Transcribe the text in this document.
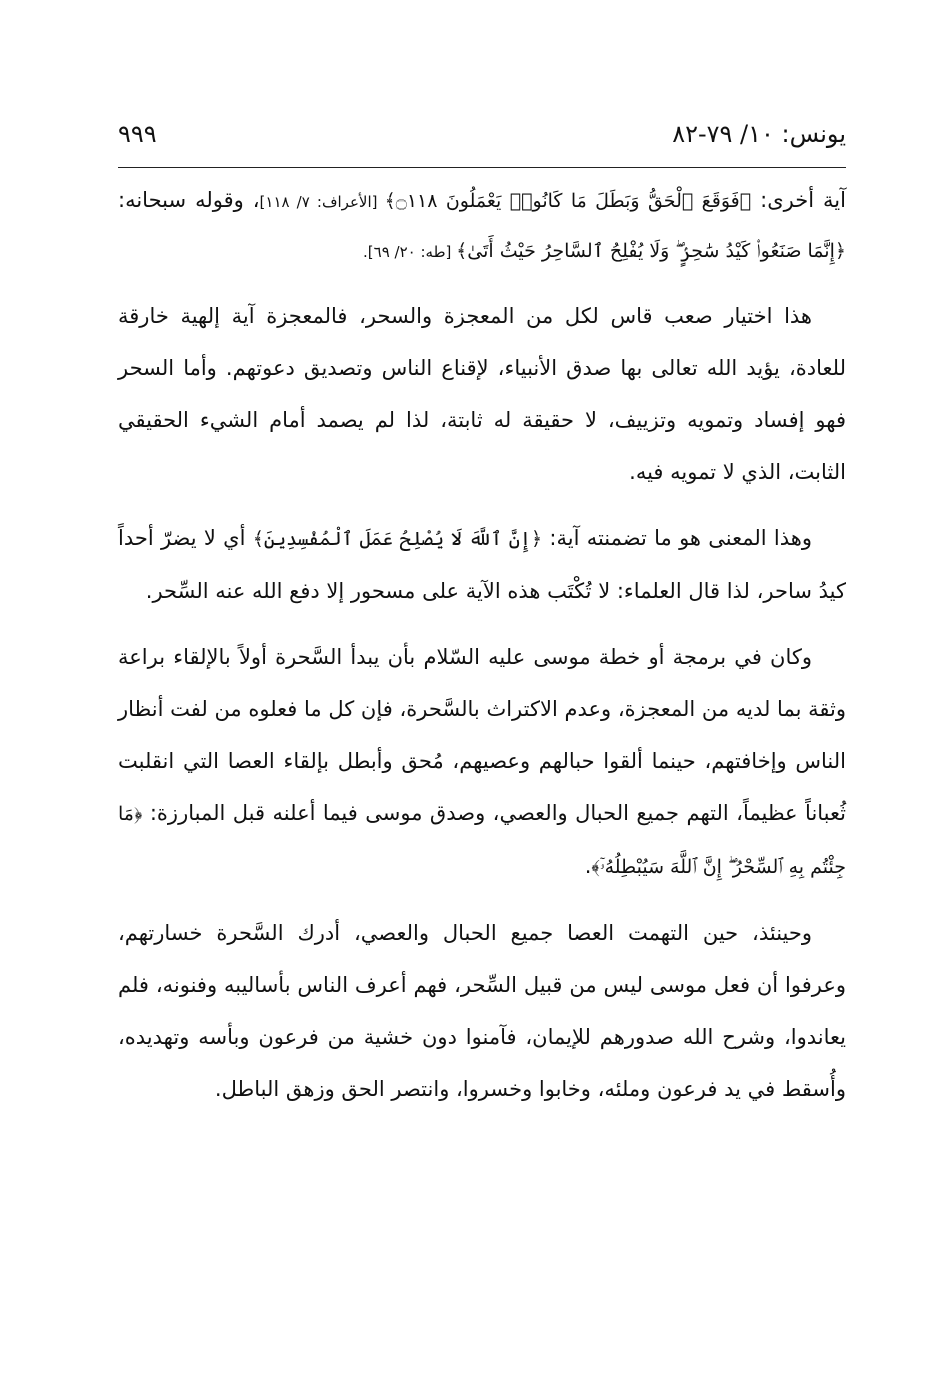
يونس: ١٠/ ٧٩-٨٢
٩٩٩

آية أخرى: ﴿فَوَقَعَ ٱلْحَقُّ وَبَطَلَ مَا كَانُوا۟ يَعْمَلُونَ ۝١١٨﴾ [الأعراف: ٧/ ١١٨]، وقوله سبحانه: ﴿إِنَّمَا صَنَعُوا۟ كَيْدُ سَٰحِرٍۢ ۖ وَلَا يُفْلِحُ ٱلسَّاحِرُ حَيْثُ أَتَىٰ﴾ [طه: ٢٠/ ٦٩].

هذا اختيار صعب قاس لكل من المعجزة والسحر، فالمعجزة آية إلهية خارقة للعادة، يؤيد الله تعالى بها صدق الأنبياء، لإقناع الناس وتصديق دعوتهم. وأما السحر فهو إفساد وتمويه وتزييف، لا حقيقة له ثابتة، لذا لم يصمد أمام الشيء الحقيقي الثابت، الذي لا تمويه فيه.

وهذا المعنى هو ما تضمنته آية: ﴿إِنَّ ٱللَّهَ لَا يُصْلِحُ عَمَلَ ٱلْمُفْسِدِينَ﴾ أي لا يضرّ أحداً كيدُ ساحر، لذا قال العلماء: لا تُكْتَب هذه الآية على مسحور إلا دفع الله عنه السِّحر.

وكان في برمجة أو خطة موسى عليه السّلام بأن يبدأ السَّحرة أولاً بالإلقاء براعة وثقة بما لديه من المعجزة، وعدم الاكتراث بالسَّحرة، فإن كل ما فعلوه من لفت أنظار الناس وإخافتهم، حينما ألقوا حبالهم وعصيهم، مُحق وأبطل بإلقاء العصا التي انقلبت ثُعباناً عظيماً، التهم جميع الحبال والعصي، وصدق موسى فيما أعلنه قبل المبارزة: ﴿مَا جِئْتُم بِهِ ٱلسِّحْرُ ۖ إِنَّ ٱللَّهَ سَيُبْطِلُهُۥٓ﴾.

وحينئذ، حين التهمت العصا جميع الحبال والعصي، أدرك السَّحرة خسارتهم، وعرفوا أن فعل موسى ليس من قبيل السِّحر، فهم أعرف الناس بأساليبه وفنونه، فلم يعاندوا، وشرح الله صدورهم للإيمان، فآمنوا دون خشية من فرعون وبأسه وتهديده، وأُسقط في يد فرعون وملئه، وخابوا وخسروا، وانتصر الحق وزهق الباطل.
